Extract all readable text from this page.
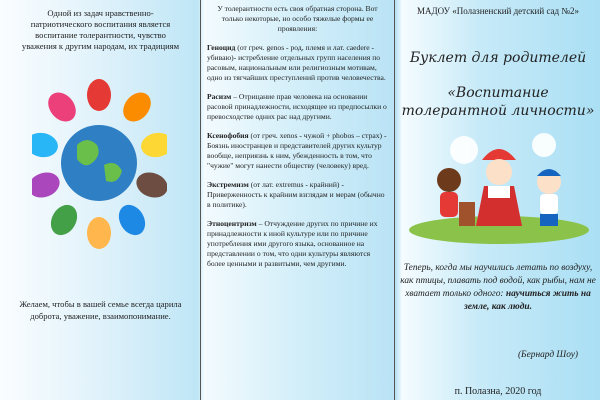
Одной из задач нравственно-патриотического воспитания является воспитание толерантности, чувство уважения к другим народам, их традициям
Желаем, чтобы в вашей семье всегда царила доброта, уважение, взаимопонимание.

У толерантности есть своя обратная сторона. Вот только некоторые, но особо тяжелые формы ее проявления:

Геноцид (от греч. genos - род, племя и лат. caedere - убиваю)- истребление отдельных групп населения по расовым, национальным или религиозным мотивам, одно из тягчайших преступлений против человечества.

Расизм – Отрицание прав человека на основании расовой принадлежности, исходящее из предпосылки о превосходстве одних рас над другими.

Ксенофобия (от греч. xenos - чужой + phobos – страх) - Боязнь иностранцев и представителей других культур вообще, неприязнь к ним, убежденность в том, что "чужие" могут нанести обществу (человеку) вред.

Экстремизм (от лат. extremus - крайний) - Приверженность к крайним взглядам и мерам (обычно в политике).

Этноцентризм – Отчуждение других по причине их принадлежности к иной культуре или по причине употребления ими другого языка, основанное на представлении о том, что одни культуры являются более ценными и развитыми, чем другими.

МАДОУ «Полазненский детский сад №2»
Буклет для родителей
«Воспитание толерантной личности»
Теперь, когда мы научились летать по воздуху, как птицы, плавать под водой, как рыбы, нам не хватает только одного: научиться жить на земле, как люди.
(Бернард Шоу)
п. Полазна, 2020 год
